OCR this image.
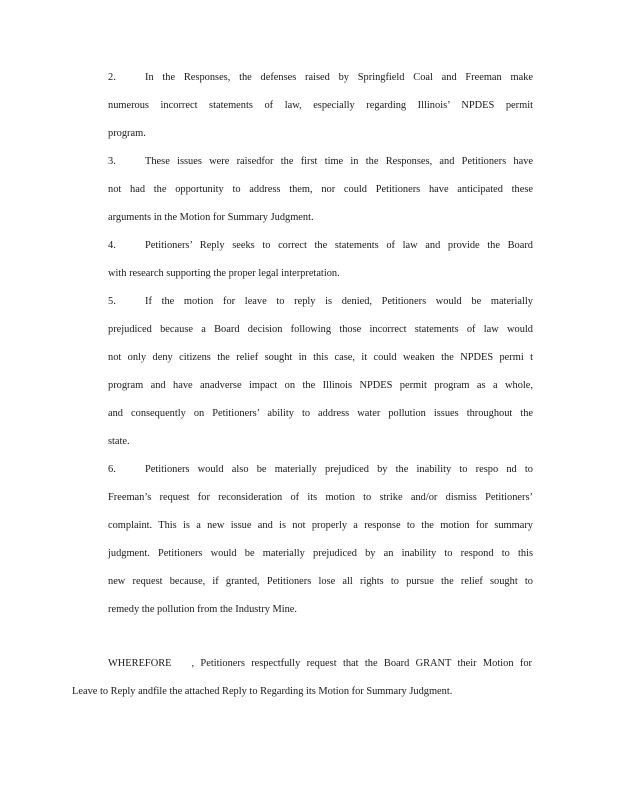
2.	In the Responses, the defenses raised by Springfield Coal and Freeman make

numerous incorrect statements of law, especially regarding Illinois’ NPDES permit

program.

3.	These issues were raisedfor the first time in the Responses, and Petitioners have

not had the opportunity to address them, nor could Petitioners have anticipated these

arguments in the Motion for Summary Judgment.

4.	Petitioners’ Reply seeks to correct the statements of law and provide the Board

with research supporting the proper legal interpretation.

5.	If the motion for leave to reply is denied, Petitioners would be materially

prejudiced because a Board decision following those incorrect statements of law would

not only deny citizens the relief sought in this case, it could weaken the NPDES permi t

program and have anadverse impact on the Illinois NPDES permit program as a whole,

and consequently on Petitioners’ ability to address water pollution issues throughout the

state.

6.	Petitioners would also be materially prejudiced by the inability to respo nd to

Freeman’s request for reconsideration of its motion to strike and/or dismiss Petitioners’

complaint. This is a new issue and is not properly a response to the motion for summary

judgment. Petitioners would be materially prejudiced by an inability to respond to this

new request because, if granted, Petitioners lose all rights to pursue the relief sought to

remedy the pollution from the Industry Mine.

WHEREFORE , Petitioners respectfully request that the Board GRANT their Motion for

Leave to Reply andfile the attached Reply to Regarding its Motion for Summary Judgment.
